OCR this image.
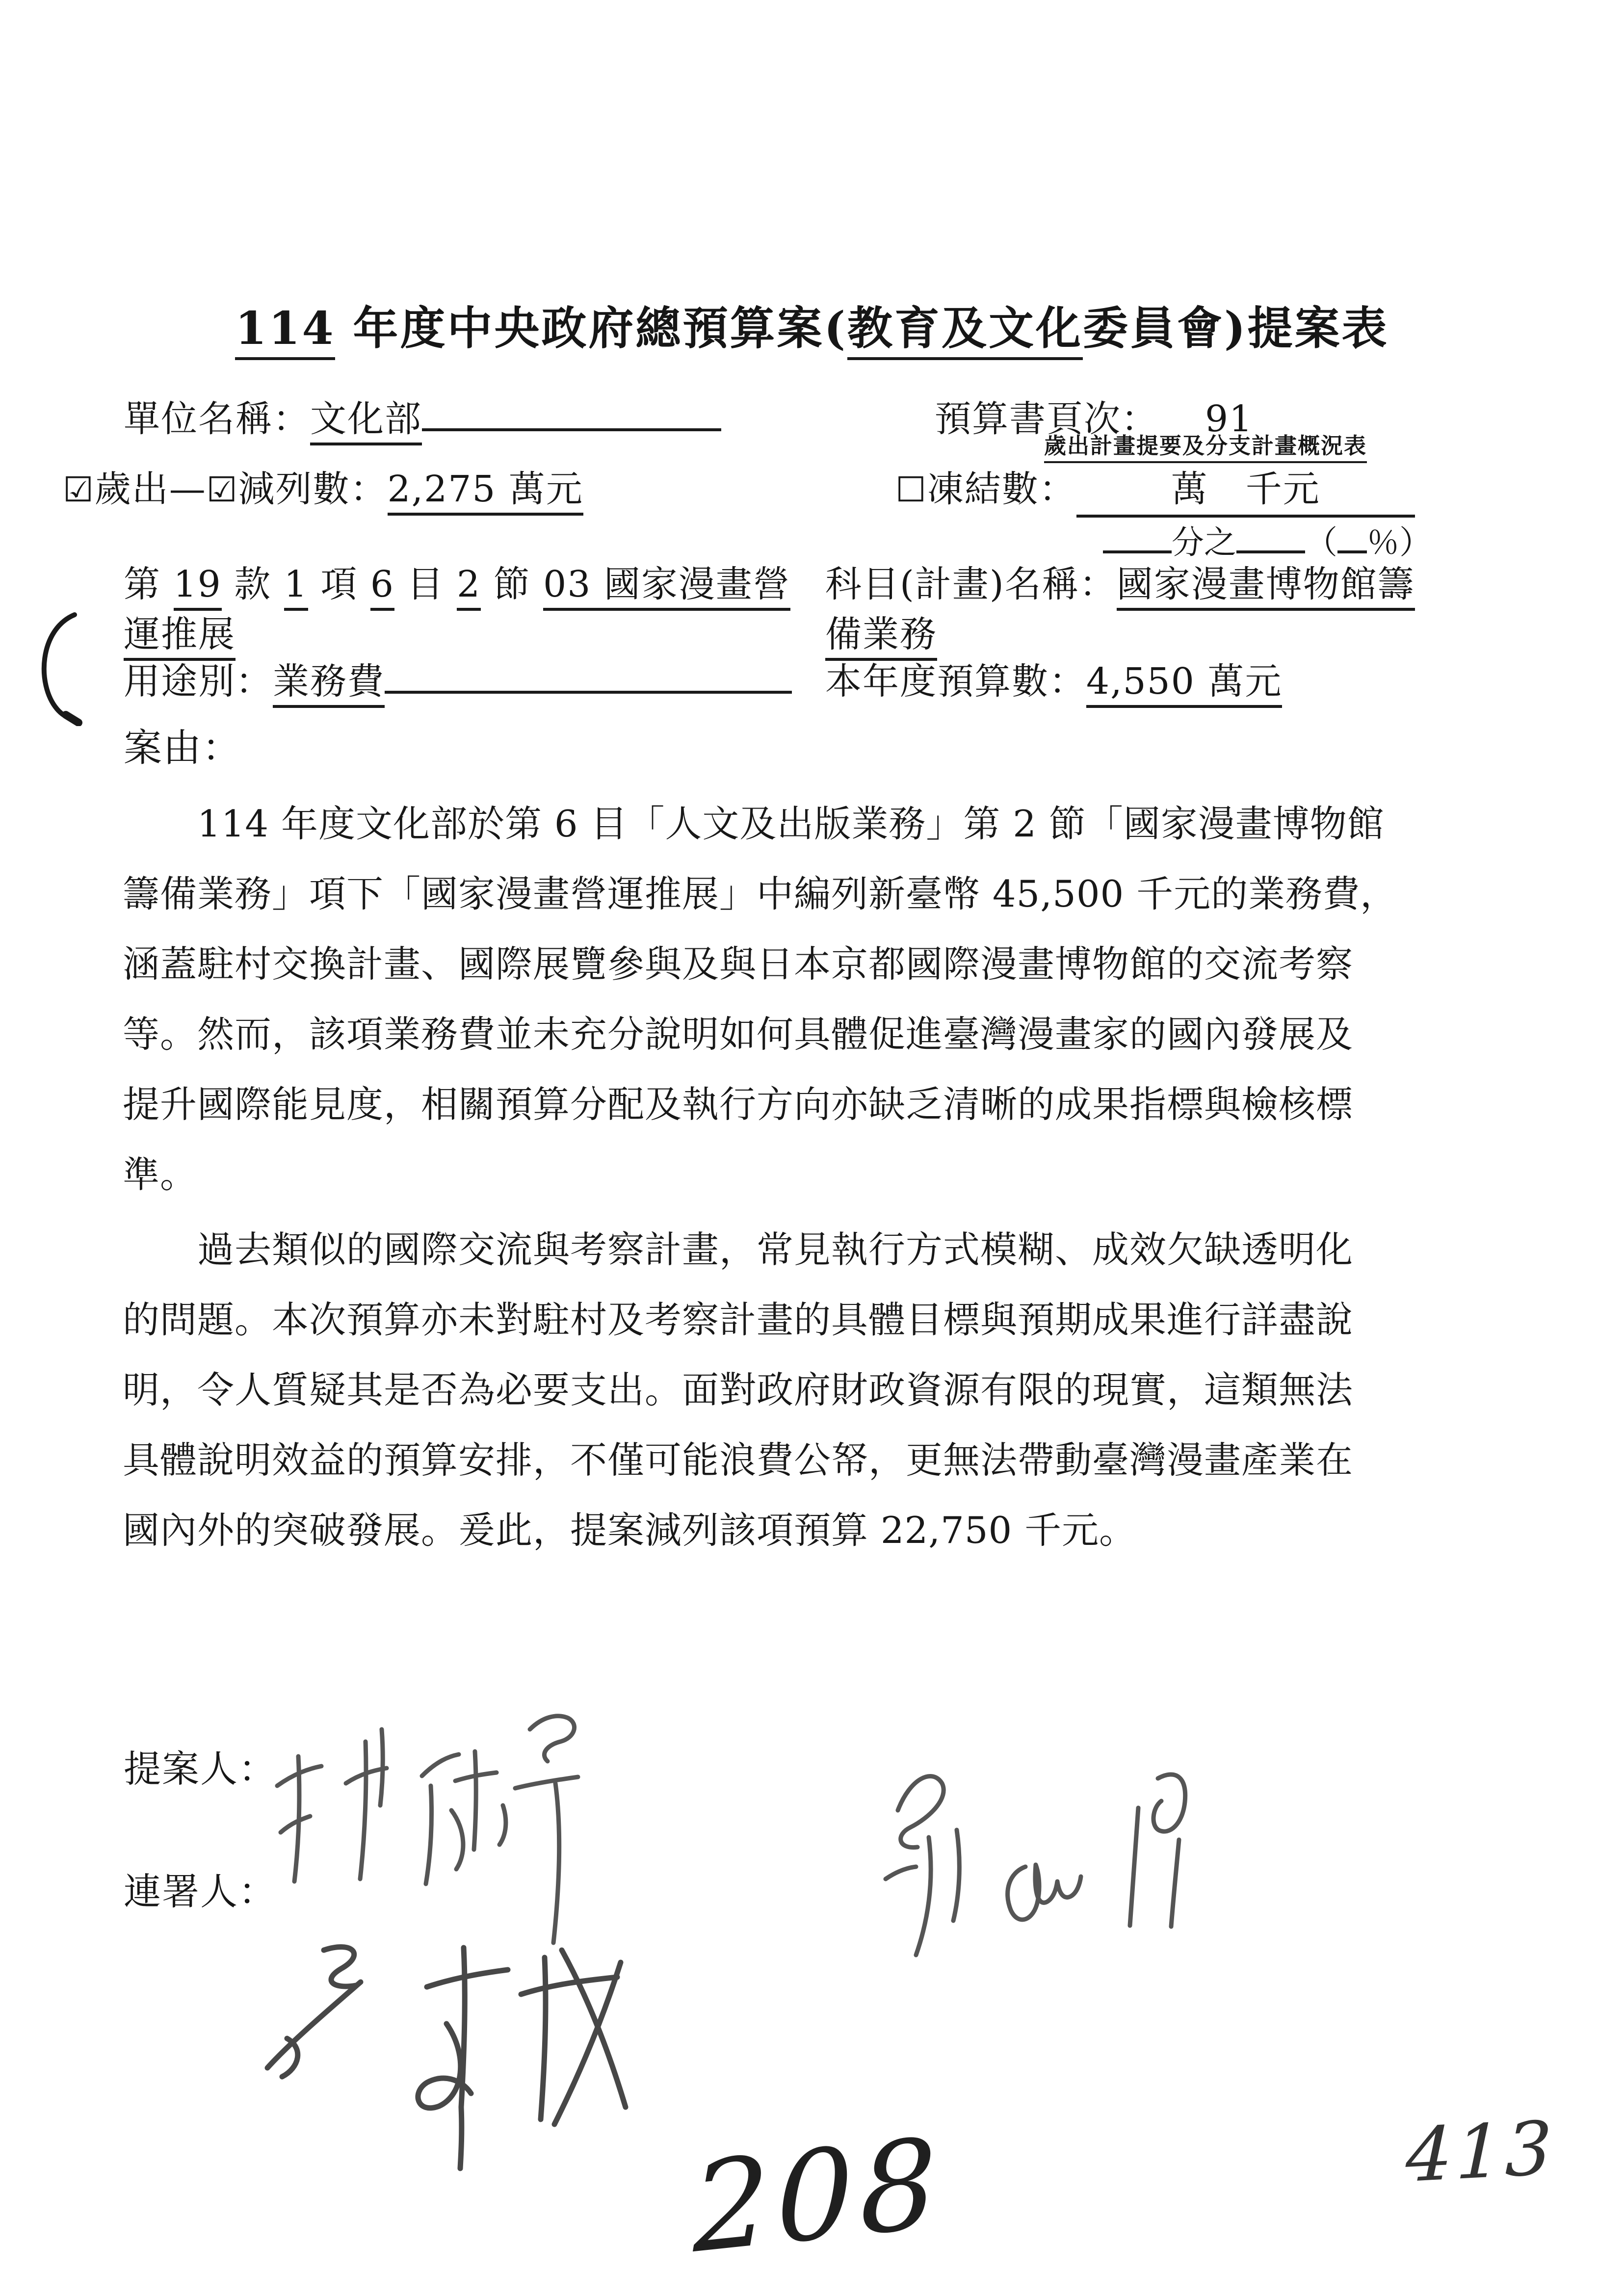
114 年度中央政府總預算案(教育及文化委員會)提案表
單位名稱：文化部	預算書頁次： 91
歲出計畫提要及分支計畫概況表
☑歲出—☑減列數：2,275 萬元	☐凍結數：	萬　千元
分之 （ ％）
第 19 款 1 項 6 目 2 節 03 國家漫畫營
運推展
科目(計畫)名稱：國家漫畫博物館籌
備業務
用途別：業務費	本年度預算數：4,550 萬元
案由：
114 年度文化部於第 6 目「人文及出版業務」第 2 節「國家漫畫博物館
籌備業務」項下「國家漫畫營運推展」中編列新臺幣 45,500 千元的業務費，
涵蓋駐村交換計畫、國際展覽參與及與日本京都國際漫畫博物館的交流考察
等。然而，該項業務費並未充分說明如何具體促進臺灣漫畫家的國內發展及
提升國際能見度，相關預算分配及執行方向亦缺乏清晰的成果指標與檢核標
準。
過去類似的國際交流與考察計畫，常見執行方式模糊、成效欠缺透明化
的問題。本次預算亦未對駐村及考察計畫的具體目標與預期成果進行詳盡說
明，令人質疑其是否為必要支出。面對政府財政資源有限的現實，這類無法
具體說明效益的預算安排，不僅可能浪費公帑，更無法帶動臺灣漫畫產業在
國內外的突破發展。爰此，提案減列該項預算 22,750 千元。
提案人：
連署人：
208	413
